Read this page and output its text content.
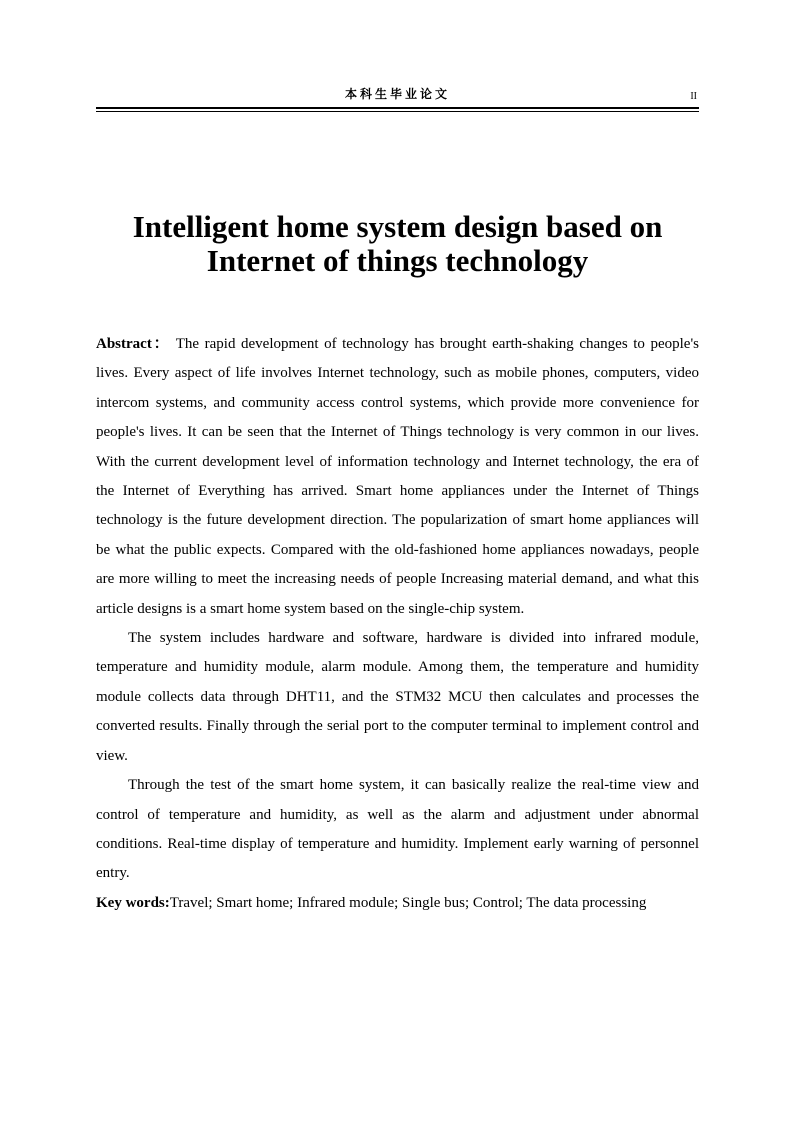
本科生毕业论文	II
Intelligent home system design based on
Internet of things technology

Abstract： The rapid development of technology has brought earth-shaking changes to people's lives. Every aspect of life involves Internet technology, such as mobile phones, computers, video intercom systems, and community access control systems, which provide more convenience for people's lives. It can be seen that the Internet of Things technology is very common in our lives. With the current development level of information technology and Internet technology, the era of the Internet of Everything has arrived. Smart home appliances under the Internet of Things technology is the future development direction. The popularization of smart home appliances will be what the public expects. Compared with the old-fashioned home appliances nowadays, people are more willing to meet the increasing needs of people Increasing material demand, and what this article designs is a smart home system based on the single-chip system.

The system includes hardware and software, hardware is divided into infrared module, temperature and humidity module, alarm module. Among them, the temperature and humidity module collects data through DHT11, and the STM32 MCU then calculates and processes the converted results. Finally through the serial port to the computer terminal to implement control and view.

Through the test of the smart home system, it can basically realize the real-time view and control of temperature and humidity, as well as the alarm and adjustment under abnormal conditions. Real-time display of temperature and humidity. Implement early warning of personnel entry.

Key words:Travel; Smart home; Infrared module; Single bus; Control; The data processing
